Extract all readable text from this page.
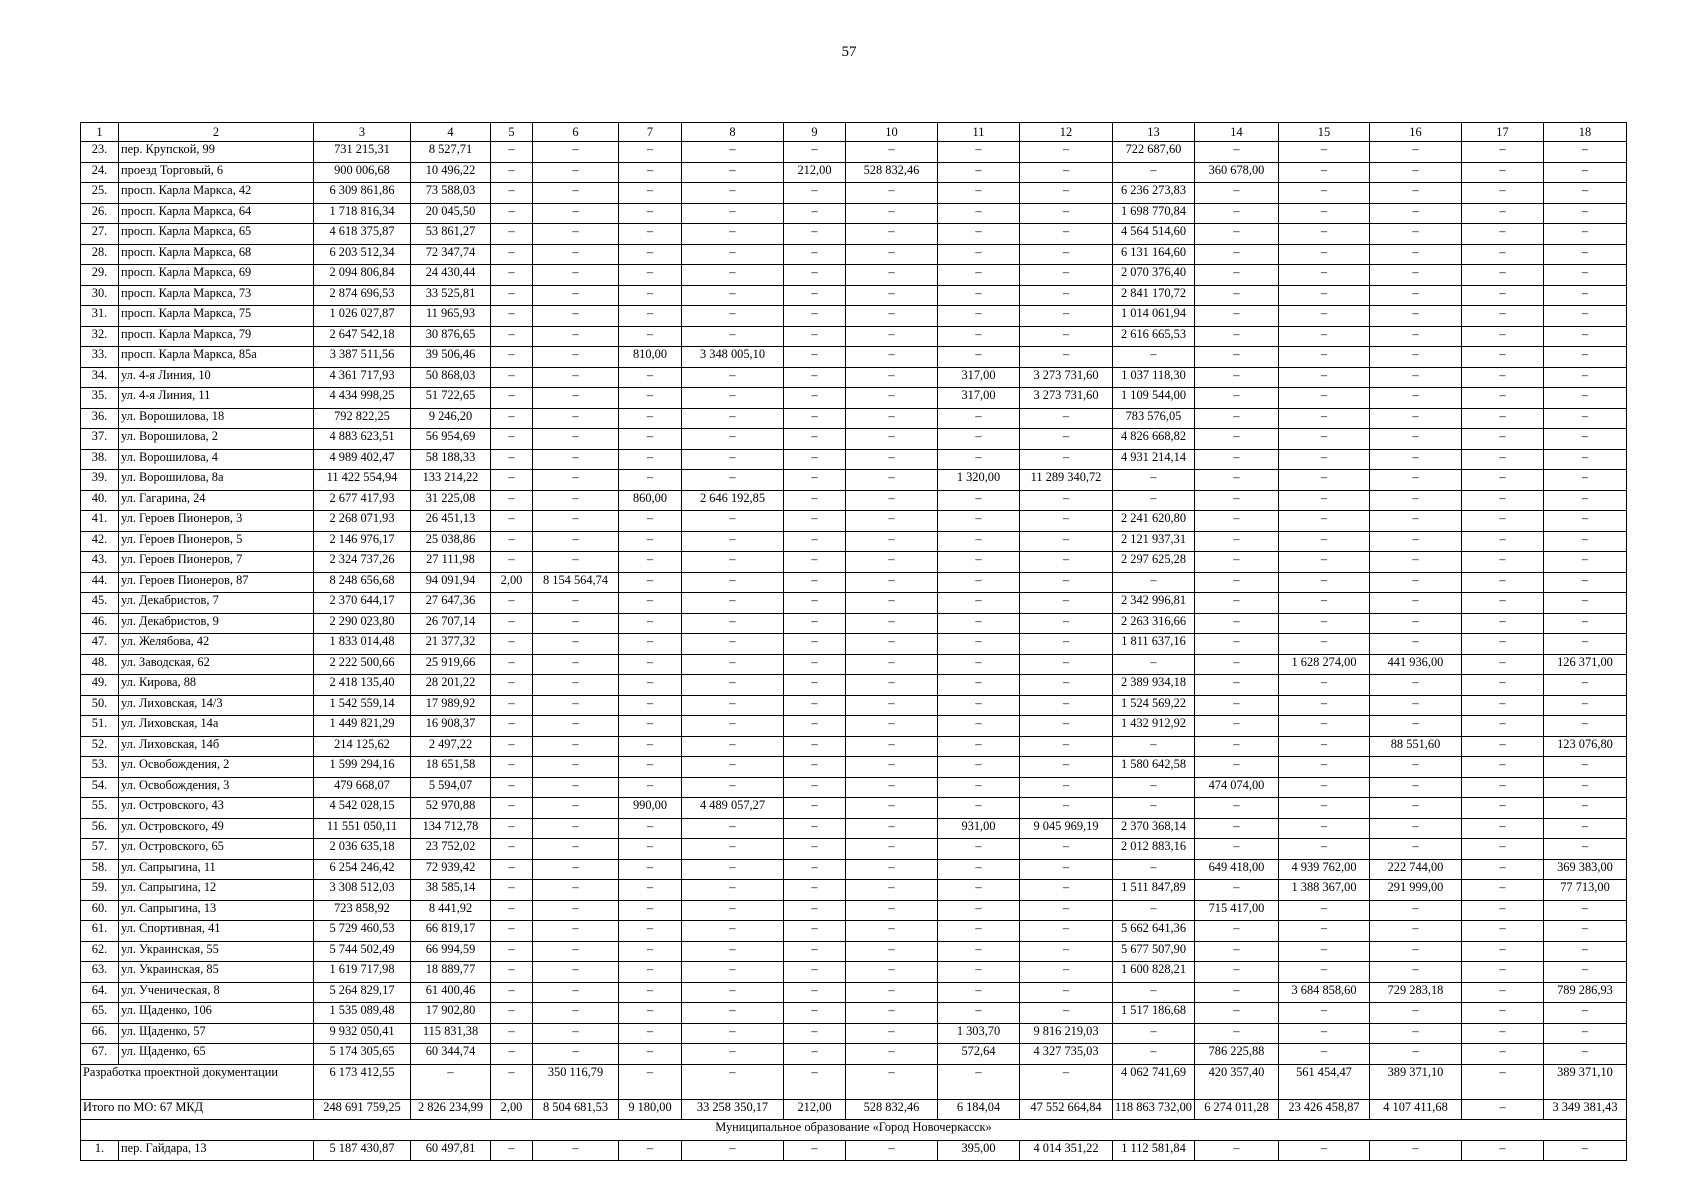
57
1	2	3	4	5	6	7	8	9	10	11	12	13	14	15	16	17	18
23.	пер. Крупской, 99	731 215,31	8 527,71	–	–	–	–	–	–	–	–	722 687,60	–	–	–	–	–
24.	проезд Торговый, 6	900 006,68	10 496,22	–	–	–	–	212,00	528 832,46	–	–	–	360 678,00	–	–	–	–
25.	просп. Карла Маркса, 42	6 309 861,86	73 588,03	–	–	–	–	–	–	–	–	6 236 273,83	–	–	–	–	–
26.	просп. Карла Маркса, 64	1 718 816,34	20 045,50	–	–	–	–	–	–	–	–	1 698 770,84	–	–	–	–	–
27.	просп. Карла Маркса, 65	4 618 375,87	53 861,27	–	–	–	–	–	–	–	–	4 564 514,60	–	–	–	–	–
28.	просп. Карла Маркса, 68	6 203 512,34	72 347,74	–	–	–	–	–	–	–	–	6 131 164,60	–	–	–	–	–
29.	просп. Карла Маркса, 69	2 094 806,84	24 430,44	–	–	–	–	–	–	–	–	2 070 376,40	–	–	–	–	–
30.	просп. Карла Маркса, 73	2 874 696,53	33 525,81	–	–	–	–	–	–	–	–	2 841 170,72	–	–	–	–	–
31.	просп. Карла Маркса, 75	1 026 027,87	11 965,93	–	–	–	–	–	–	–	–	1 014 061,94	–	–	–	–	–
32.	просп. Карла Маркса, 79	2 647 542,18	30 876,65	–	–	–	–	–	–	–	–	2 616 665,53	–	–	–	–	–
33.	просп. Карла Маркса, 85а	3 387 511,56	39 506,46	–	–	810,00	3 348 005,10	–	–	–	–	–	–	–	–	–	–
34.	ул. 4-я Линия, 10	4 361 717,93	50 868,03	–	–	–	–	–	–	317,00	3 273 731,60	1 037 118,30	–	–	–	–	–
35.	ул. 4-я Линия, 11	4 434 998,25	51 722,65	–	–	–	–	–	–	317,00	3 273 731,60	1 109 544,00	–	–	–	–	–
36.	ул. Ворошилова, 18	792 822,25	9 246,20	–	–	–	–	–	–	–	–	783 576,05	–	–	–	–	–
37.	ул. Ворошилова, 2	4 883 623,51	56 954,69	–	–	–	–	–	–	–	–	4 826 668,82	–	–	–	–	–
38.	ул. Ворошилова, 4	4 989 402,47	58 188,33	–	–	–	–	–	–	–	–	4 931 214,14	–	–	–	–	–
39.	ул. Ворошилова, 8а	11 422 554,94	133 214,22	–	–	–	–	–	–	1 320,00	11 289 340,72	–	–	–	–	–	–
40.	ул. Гагарина, 24	2 677 417,93	31 225,08	–	–	860,00	2 646 192,85	–	–	–	–	–	–	–	–	–	–
41.	ул. Героев Пионеров, 3	2 268 071,93	26 451,13	–	–	–	–	–	–	–	–	2 241 620,80	–	–	–	–	–
42.	ул. Героев Пионеров, 5	2 146 976,17	25 038,86	–	–	–	–	–	–	–	–	2 121 937,31	–	–	–	–	–
43.	ул. Героев Пионеров, 7	2 324 737,26	27 111,98	–	–	–	–	–	–	–	–	2 297 625,28	–	–	–	–	–
44.	ул. Героев Пионеров, 87	8 248 656,68	94 091,94	2,00	8 154 564,74	–	–	–	–	–	–	–	–	–	–	–	–
45.	ул. Декабристов, 7	2 370 644,17	27 647,36	–	–	–	–	–	–	–	–	2 342 996,81	–	–	–	–	–
46.	ул. Декабристов, 9	2 290 023,80	26 707,14	–	–	–	–	–	–	–	–	2 263 316,66	–	–	–	–	–
47.	ул. Желябова, 42	1 833 014,48	21 377,32	–	–	–	–	–	–	–	–	1 811 637,16	–	–	–	–	–
48.	ул. Заводская, 62	2 222 500,66	25 919,66	–	–	–	–	–	–	–	–	–	–	1 628 274,00	441 936,00	–	126 371,00
49.	ул. Кирова, 88	2 418 135,40	28 201,22	–	–	–	–	–	–	–	–	2 389 934,18	–	–	–	–	–
50.	ул. Лиховская, 14/3	1 542 559,14	17 989,92	–	–	–	–	–	–	–	–	1 524 569,22	–	–	–	–	–
51.	ул. Лиховская, 14а	1 449 821,29	16 908,37	–	–	–	–	–	–	–	–	1 432 912,92	–	–	–	–	–
52.	ул. Лиховская, 14б	214 125,62	2 497,22	–	–	–	–	–	–	–	–	–	–	–	88 551,60	–	123 076,80
53.	ул. Освобождения, 2	1 599 294,16	18 651,58	–	–	–	–	–	–	–	–	1 580 642,58	–	–	–	–	–
54.	ул. Освобождения, 3	479 668,07	5 594,07	–	–	–	–	–	–	–	–	–	474 074,00	–	–	–	–
55.	ул. Островского, 43	4 542 028,15	52 970,88	–	–	990,00	4 489 057,27	–	–	–	–	–	–	–	–	–	–
56.	ул. Островского, 49	11 551 050,11	134 712,78	–	–	–	–	–	–	931,00	9 045 969,19	2 370 368,14	–	–	–	–	–
57.	ул. Островского, 65	2 036 635,18	23 752,02	–	–	–	–	–	–	–	–	2 012 883,16	–	–	–	–	–
58.	ул. Сапрыгина, 11	6 254 246,42	72 939,42	–	–	–	–	–	–	–	–	–	649 418,00	4 939 762,00	222 744,00	–	369 383,00
59.	ул. Сапрыгина, 12	3 308 512,03	38 585,14	–	–	–	–	–	–	–	–	1 511 847,89	–	1 388 367,00	291 999,00	–	77 713,00
60.	ул. Сапрыгина, 13	723 858,92	8 441,92	–	–	–	–	–	–	–	–	–	715 417,00	–	–	–	–
61.	ул. Спортивная, 41	5 729 460,53	66 819,17	–	–	–	–	–	–	–	–	5 662 641,36	–	–	–	–	–
62.	ул. Украинская, 55	5 744 502,49	66 994,59	–	–	–	–	–	–	–	–	5 677 507,90	–	–	–	–	–
63.	ул. Украинская, 85	1 619 717,98	18 889,77	–	–	–	–	–	–	–	–	1 600 828,21	–	–	–	–	–
64.	ул. Ученическая, 8	5 264 829,17	61 400,46	–	–	–	–	–	–	–	–	–	–	3 684 858,60	729 283,18	–	789 286,93
65.	ул. Щаденко, 106	1 535 089,48	17 902,80	–	–	–	–	–	–	–	–	1 517 186,68	–	–	–	–	–
66.	ул. Щаденко, 57	9 932 050,41	115 831,38	–	–	–	–	–	–	1 303,70	9 816 219,03	–	–	–	–	–	–
67.	ул. Щаденко, 65	5 174 305,65	60 344,74	–	–	–	–	–	–	572,64	4 327 735,03	–	786 225,88	–	–	–	–
Разработка проектной документации		6 173 412,55	–	–	350 116,79	–	–	–	–	–	–	4 062 741,69	420 357,40	561 454,47	389 371,10	–	389 371,10
Итого по МО: 67 МКД		248 691 759,25	2 826 234,99	2,00	8 504 681,53	9 180,00	33 258 350,17	212,00	528 832,46	6 184,04	47 552 664,84	118 863 732,00	6 274 011,28	23 426 458,87	4 107 411,68	–	3 349 381,43
Муниципальное образование «Город Новочеркасск»																	
1.	пер. Гайдара, 13	5 187 430,87	60 497,81	–	–	–	–	–	–	395,00	4 014 351,22	1 112 581,84	–	–	–	–	–
